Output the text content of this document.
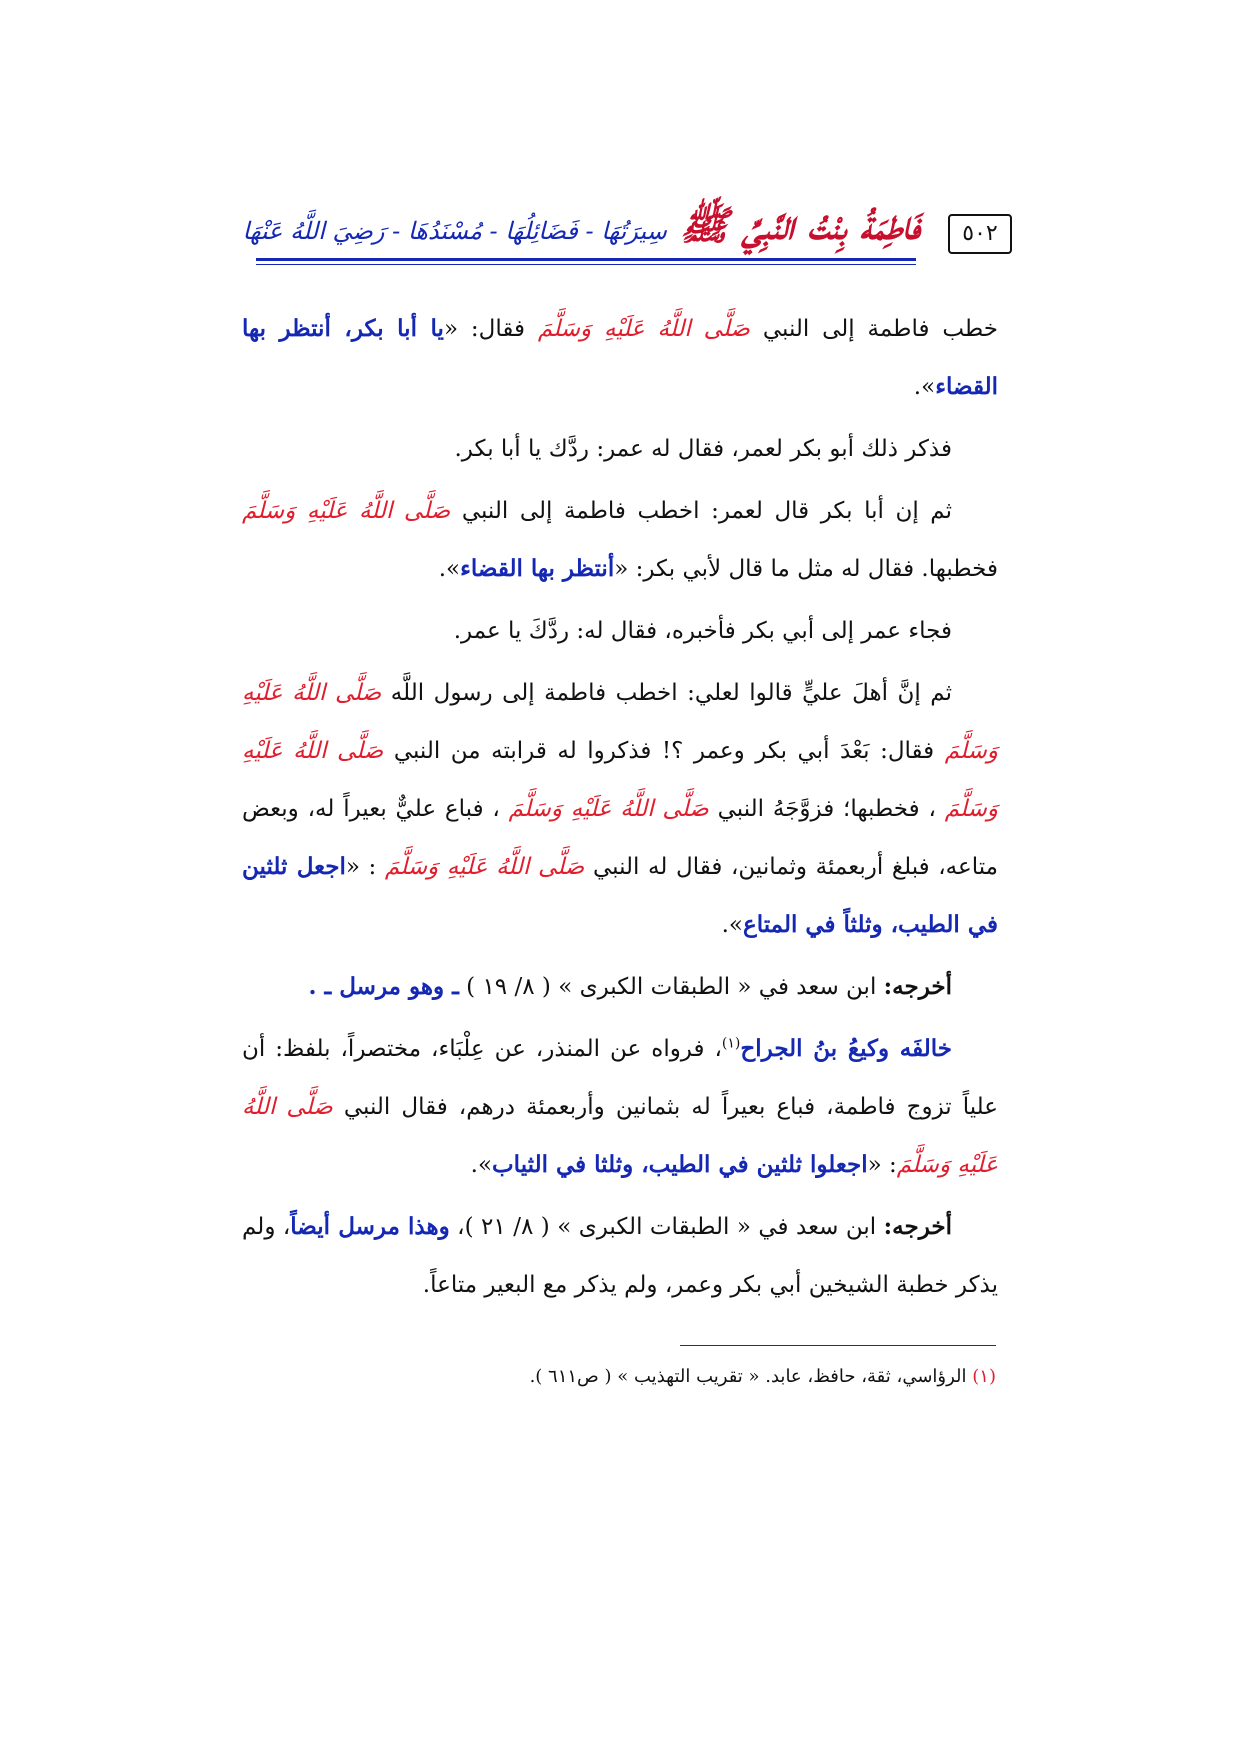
٥٠٢
فَاطِمَةُ بِنْتُ النَّبِيِّ ﷺ سِيرَتُهَا - فَضَائِلُهَا - مُسْنَدُهَا - رَضِيَ اللَّهُ عَنْهَا

خطب فاطمة إلى النبي صَلَّى اللَّهُ عَلَيْهِ وَسَلَّمَ فقال: «يا أبا بكر، أنتظر بها القضاء».

فذكر ذلك أبو بكر لعمر، فقال له عمر: ردَّك يا أبا بكر.

ثم إن أبا بكر قال لعمر: اخطب فاطمة إلى النبي صَلَّى اللَّهُ عَلَيْهِ وَسَلَّمَ فخطبها. فقال له مثل ما قال لأبي بكر: «أنتظر بها القضاء».

فجاء عمر إلى أبي بكر فأخبره، فقال له: ردَّكَ يا عمر.

ثم إنَّ أهلَ عليٍّ قالوا لعلي: اخطب فاطمة إلى رسول اللَّه صَلَّى اللَّهُ عَلَيْهِ وَسَلَّمَ فقال: بَعْدَ أبي بكر وعمر ؟! فذكروا له قرابته من النبي صَلَّى اللَّهُ عَلَيْهِ وَسَلَّمَ ، فخطبها؛ فزوَّجَهُ النبي صَلَّى اللَّهُ عَلَيْهِ وَسَلَّمَ ، فباع عليٌّ بعيراً له، وبعض متاعه، فبلغ أربعمئة وثمانين، فقال له النبي صَلَّى اللَّهُ عَلَيْهِ وَسَلَّمَ : «اجعل ثلثين في الطيب، وثلثاً في المتاع».

أخرجه: ابن سعد في « الطبقات الكبرى » ( ٨/ ١٩ ) ـ وهو مرسل ـ .

خالفَه وكيعُ بنُ الجراح$^{(١)}$، فرواه عن المنذر، عن عِلْبَاء، مختصراً، بلفظ: أن علياً تزوج فاطمة، فباع بعيراً له بثمانين وأربعمئة درهم، فقال النبي صَلَّى اللَّهُ عَلَيْهِ وَسَلَّمَ: «اجعلوا ثلثين في الطيب، وثلثا في الثياب».

أخرجه: ابن سعد في « الطبقات الكبرى » ( ٨/ ٢١ )، وهذا مرسل أيضاً، ولم يذكر خطبة الشيخين أبي بكر وعمر، ولم يذكر مع البعير متاعاً.

(١) الرؤاسي، ثقة، حافظ، عابد. « تقريب التهذيب » ( ص٦١١ ).
